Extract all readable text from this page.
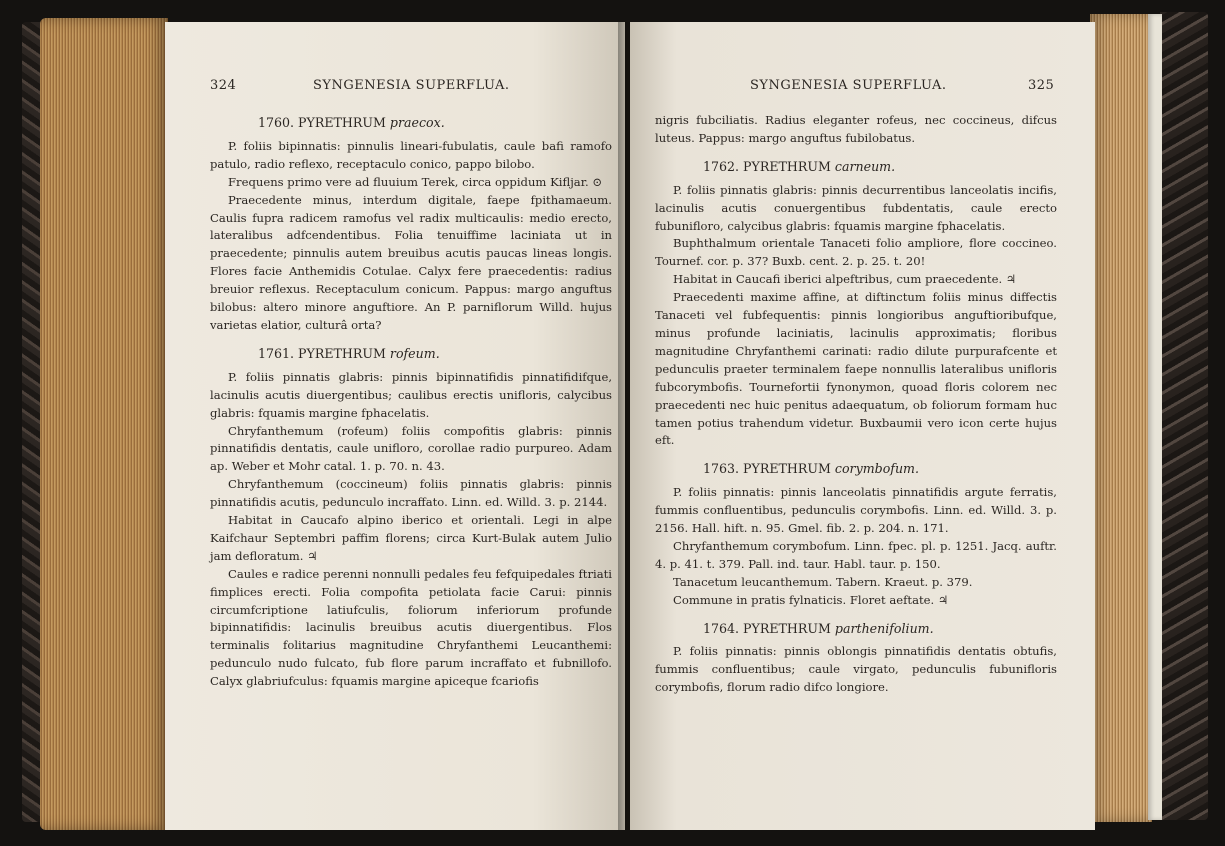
324	SYNGENESIA SUPERFLUA.
1760. PYRETHRUM praecox.

P. foliis bipinnatis: pinnulis lineari-fubulatis, caule bafi ramofo patulo, radio reflexo, receptaculo conico, pappo bilobo.

Frequens primo vere ad fluuium Terek, circa oppidum Kifljar. ⊙

Praecedente minus, interdum digitale, faepe fpithamaeum. Caulis fupra radicem ramofus vel radix multicaulis: medio erecto, lateralibus adfcendentibus. Folia tenuiffime laciniata ut in praecedente; pinnulis autem breuibus acutis paucas lineas longis. Flores facie Anthemidis Cotulae. Calyx fere praecedentis: radius breuior reflexus. Receptaculum conicum. Pappus: margo anguftus bilobus: altero minore anguftiore. An P. parniflorum Willd. hujus varietas elatior, culturâ orta?

1761. PYRETHRUM rofeum.

P. foliis pinnatis glabris: pinnis bipinnatifidis pinnatifidifque, lacinulis acutis diuergentibus; caulibus erectis unifloris, calycibus glabris: fquamis margine fphacelatis.

Chryfanthemum (rofeum) foliis compofitis glabris: pinnis pinnatifidis dentatis, caule unifloro, corollae radio purpureo. Adam ap. Weber et Mohr catal. 1. p. 70. n. 43.

Chryfanthemum (coccineum) foliis pinnatis glabris: pinnis pinnatifidis acutis, pedunculo incraffato. Linn. ed. Willd. 3. p. 2144.

Habitat in Caucafo alpino iberico et orientali. Legi in alpe Kaifchaur Septembri paffim florens; circa Kurt-Bulak autem Julio jam defloratum. ♃

Caules e radice perenni nonnulli pedales feu fefquipedales ftriati fimplices erecti. Folia compofita petiolata facie Carui: pinnis circumfcriptione latiufculis, foliorum inferiorum profunde bipinnatifidis: lacinulis breuibus acutis diuergentibus. Flos terminalis folitarius magnitudine Chryfanthemi Leucanthemi: pedunculo nudo fulcato, fub flore parum incraffato et fubnillofo. Calyx glabriufculus: fquamis margine apiceque fcariofis

SYNGENESIA SUPERFLUA.	325

nigris fubciliatis. Radius eleganter rofeus, nec coccineus, difcus luteus. Pappus: margo anguftus fubilobatus.

1762. PYRETHRUM carneum.

P. foliis pinnatis glabris: pinnis decurrentibus lanceolatis incifis, lacinulis acutis conuergentibus fubdentatis, caule erecto fubunifloro, calycibus glabris: fquamis margine fphacelatis.

Buphthalmum orientale Tanaceti folio ampliore, flore coccineo. Tournef. cor. p. 37? Buxb. cent. 2. p. 25. t. 20!

Habitat in Caucafi iberici alpeftribus, cum praecedente. ♃

Praecedenti maxime affine, at diftinctum foliis minus diffectis Tanaceti vel fubfequentis: pinnis longioribus anguftioribufque, minus profunde laciniatis, lacinulis approximatis; floribus magnitudine Chryfanthemi carinati: radio dilute purpurafcente et pedunculis praeter terminalem faepe nonnullis lateralibus unifloris fubcorymbofis. Tournefortii fynonymon, quoad floris colorem nec praecedenti nec huic penitus adaequatum, ob foliorum formam huc tamen potius trahendum videtur. Buxbaumii vero icon certe hujus eft.

1763. PYRETHRUM corymbofum.

P. foliis pinnatis: pinnis lanceolatis pinnatifidis argute ferratis, fummis confluentibus, pedunculis corymbofis. Linn. ed. Willd. 3. p. 2156. Hall. hift. n. 95. Gmel. fib. 2. p. 204. n. 171.

Chryfanthemum corymbofum. Linn. fpec. pl. p. 1251. Jacq. auftr. 4. p. 41. t. 379. Pall. ind. taur. Habl. taur. p. 150.

Tanacetum leucanthemum. Tabern. Kraeut. p. 379.

Commune in pratis fylnaticis. Floret aeftate. ♃

1764. PYRETHRUM parthenifolium.

P. foliis pinnatis: pinnis oblongis pinnatifidis dentatis obtufis, fummis confluentibus; caule virgato, pedunculis fubunifloris corymbofis, florum radio difco longiore.
